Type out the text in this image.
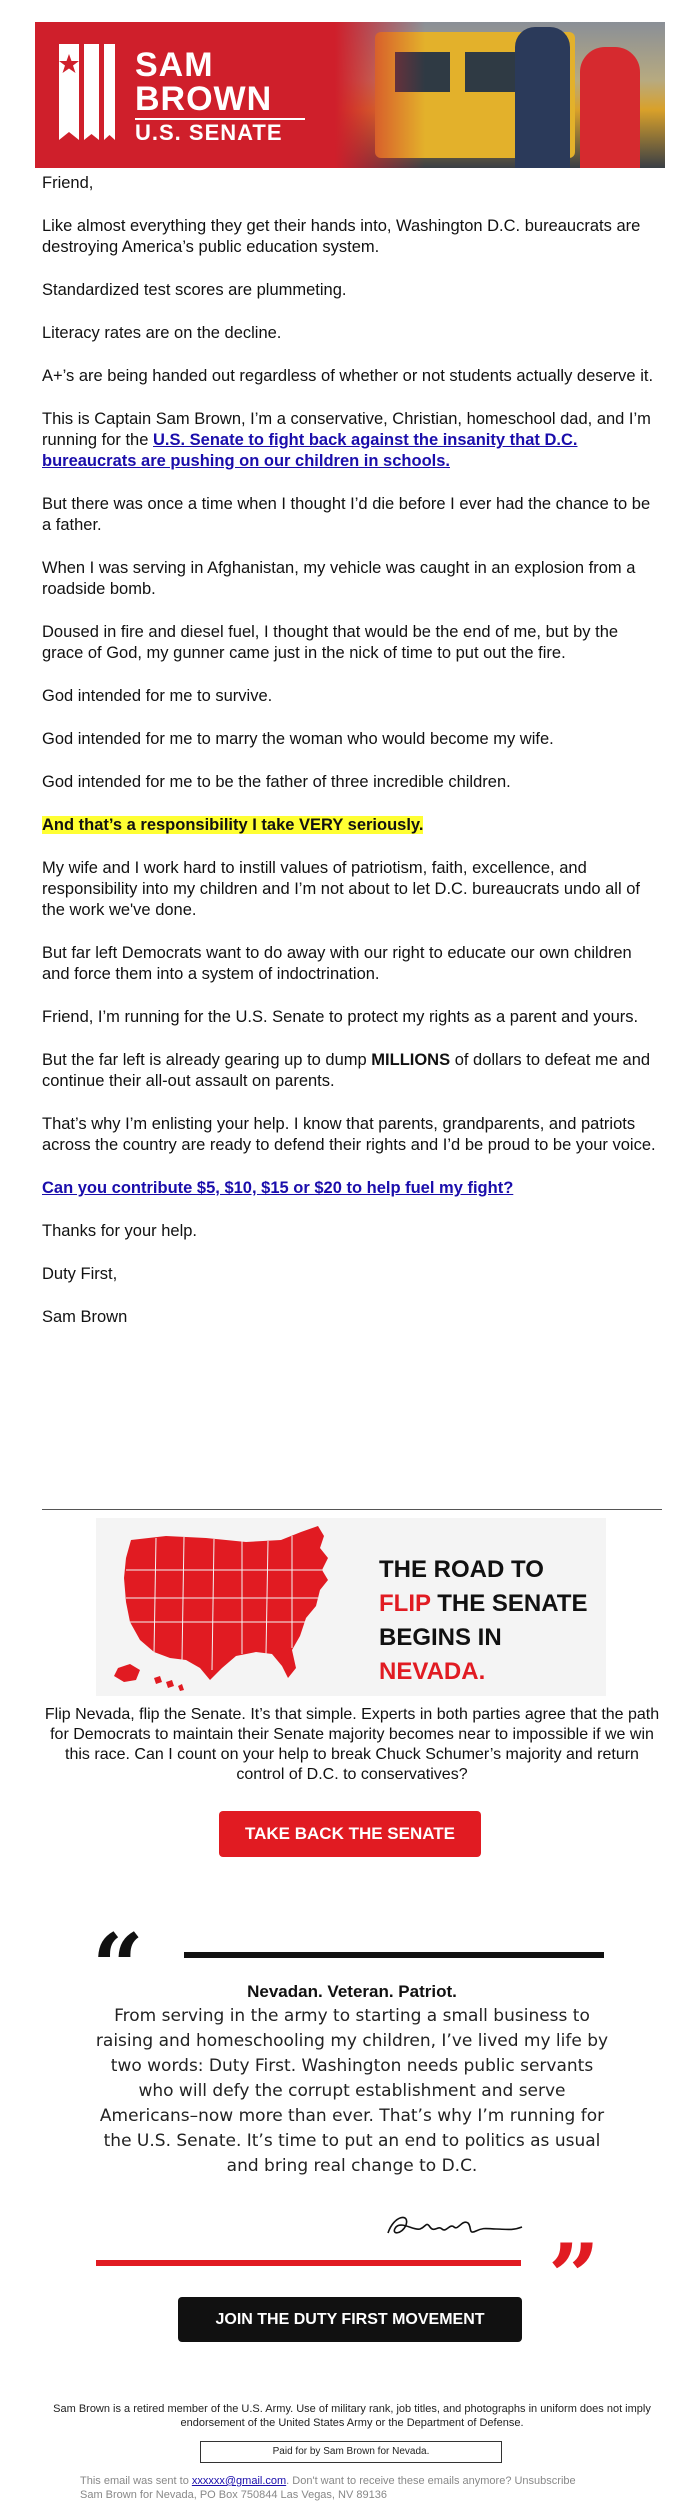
SAM
BROWN
U.S. SENATE

Friend,

Like almost everything they get their hands into, Washington D.C. bureaucrats are destroying America’s public education system.

Standardized test scores are plummeting.

Literacy rates are on the decline.

A+’s are being handed out regardless of whether or not students actually deserve it.

This is Captain Sam Brown, I’m a conservative, Christian, homeschool dad, and I’m running for the U.S. Senate to fight back against the insanity that D.C. bureaucrats are pushing on our children in schools.

But there was once a time when I thought I’d die before I ever had the chance to be a father.

When I was serving in Afghanistan, my vehicle was caught in an explosion from a roadside bomb.

Doused in fire and diesel fuel, I thought that would be the end of me, but by the grace of God, my gunner came just in the nick of time to put out the fire.

God intended for me to survive.

God intended for me to marry the woman who would become my wife.

God intended for me to be the father of three incredible children.

And that’s a responsibility I take VERY seriously.

My wife and I work hard to instill values of patriotism, faith, excellence, and responsibility into my children and I’m not about to let D.C. bureaucrats undo all of the work we've done.

But far left Democrats want to do away with our right to educate our own children and force them into a system of indoctrination.

Friend, I’m running for the U.S. Senate to protect my rights as a parent and yours.

But the far left is already gearing up to dump MILLIONS of dollars to defeat me and continue their all-out assault on parents.

That’s why I’m enlisting your help. I know that parents, grandparents, and patriots across the country are ready to defend their rights and I’d be proud to be your voice.

Can you contribute $5, $10, $15 or $20 to help fuel my fight?

Thanks for your help.

Duty First,

Sam Brown

THE ROAD TO
FLIP THE SENATE
BEGINS IN NEVADA.
Flip Nevada, flip the Senate. It’s that simple. Experts in both parties agree that the path for Democrats to maintain their Senate majority becomes near to impossible if we win this race. Can I count on your help to break Chuck Schumer’s majority and return control of D.C. to conservatives?
TAKE BACK THE SENATE
“	Nevadan. Veteran. Patriot.
From serving in the army to starting a small business to raising and homeschooling my children, I’ve lived my life by two words: Duty First. Washington needs public servants who will defy the corrupt establishment and serve Americans–now more than ever. That’s why I’m running for the U.S. Senate. It’s time to put an end to politics as usual and bring real change to D.C.
”
JOIN THE DUTY FIRST MOVEMENT
Sam Brown is a retired member of the U.S. Army. Use of military rank, job titles, and photographs in uniform does not imply endorsement of the United States Army or the Department of Defense.
Paid for by Sam Brown for Nevada.
This email was sent to xxxxxx@gmail.com. Don't want to receive these emails anymore? Unsubscribe
Sam Brown for Nevada, PO Box 750844 Las Vegas, NV 89136
